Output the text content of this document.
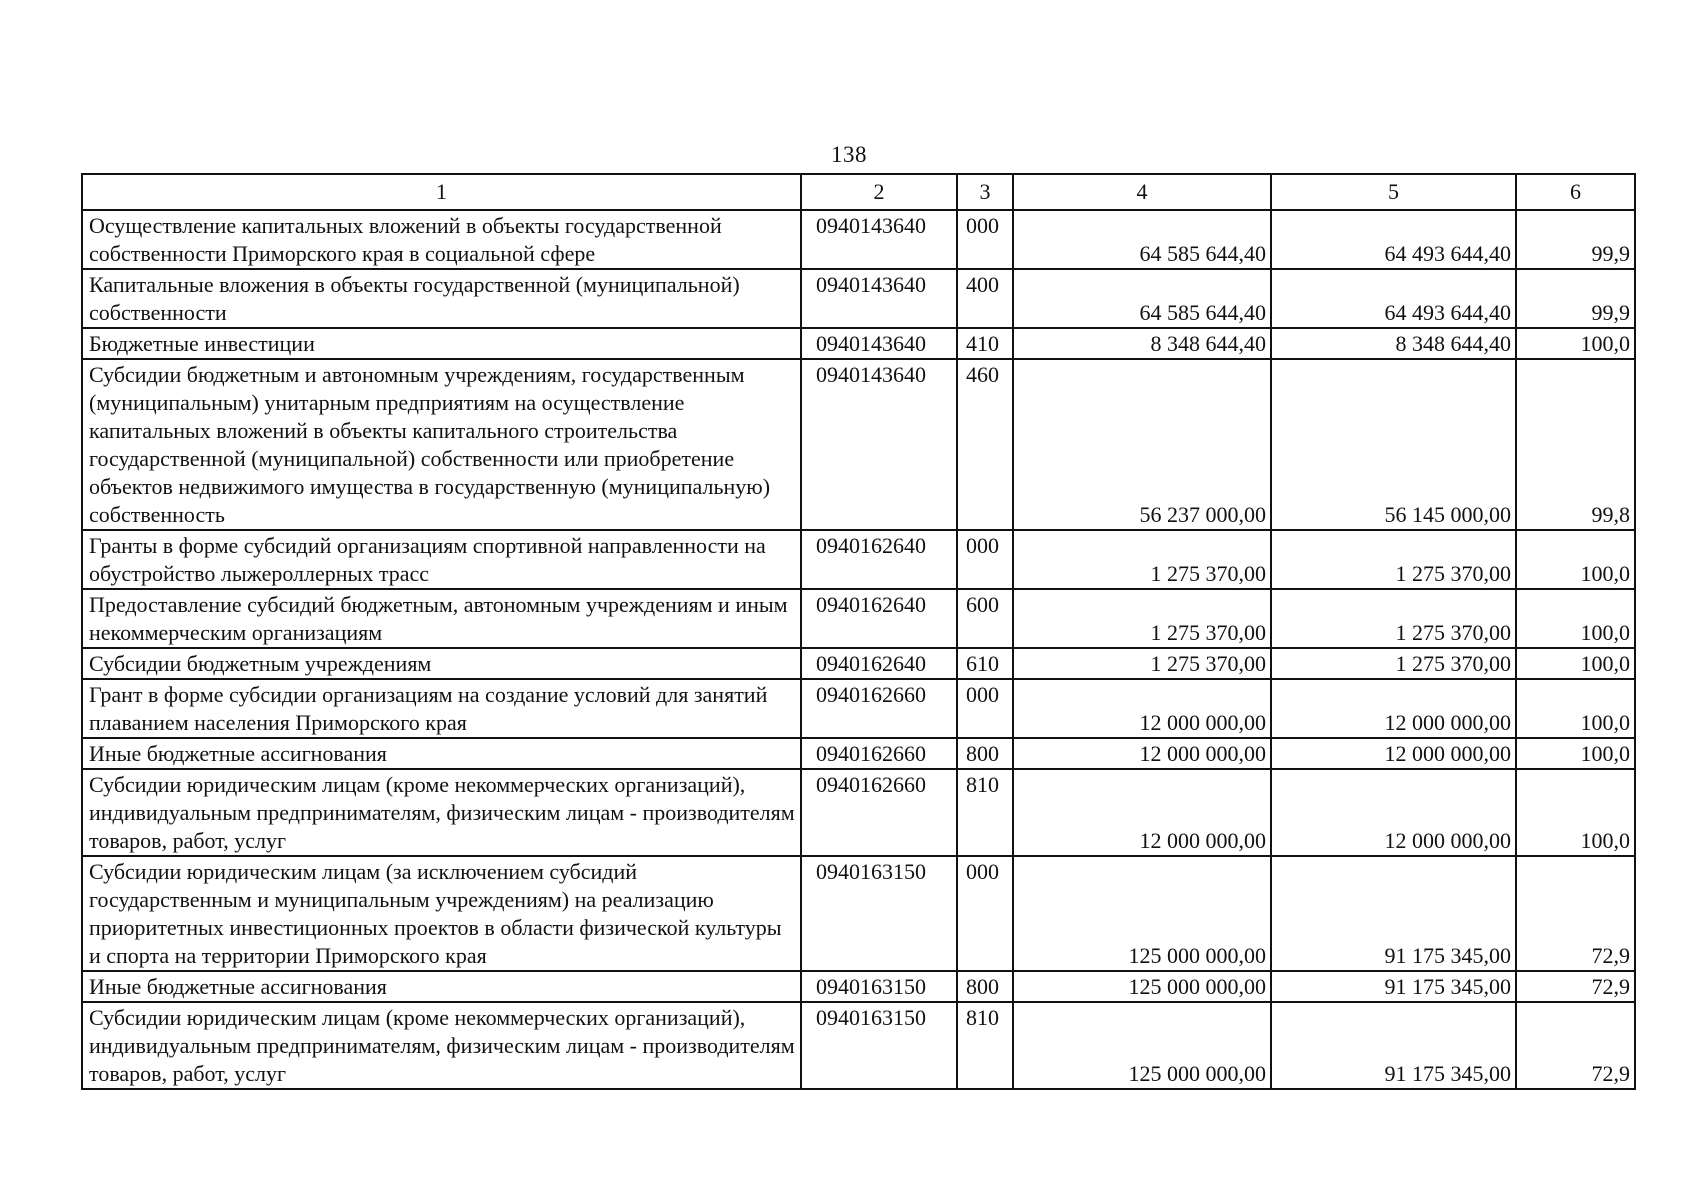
138
1	2	3	4	5	6
Осуществление капитальных вложений в объекты государственной собственности Приморского края в социальной сфере	0940143640	000	64 585 644,40	64 493 644,40	99,9
Капитальные вложения в объекты государственной (муниципальной) собственности	0940143640	400	64 585 644,40	64 493 644,40	99,9
Бюджетные инвестиции	0940143640	410	8 348 644,40	8 348 644,40	100,0
Субсидии бюджетным и автономным учреждениям, государственным (муниципальным) унитарным предприятиям на осуществление капитальных вложений в объекты капитального строительства государственной (муниципальной) собственности или приобретение объектов недвижимого имущества в государственную (муниципальную) собственность	0940143640	460	56 237 000,00	56 145 000,00	99,8
Гранты в форме субсидий организациям спортивной направленности на обустройство лыжероллерных трасс	0940162640	000	1 275 370,00	1 275 370,00	100,0
Предоставление субсидий бюджетным, автономным учреждениям и иным некоммерческим организациям	0940162640	600	1 275 370,00	1 275 370,00	100,0
Субсидии бюджетным учреждениям	0940162640	610	1 275 370,00	1 275 370,00	100,0
Грант в форме субсидии организациям на создание условий для занятий плаванием населения Приморского края	0940162660	000	12 000 000,00	12 000 000,00	100,0
Иные бюджетные ассигнования	0940162660	800	12 000 000,00	12 000 000,00	100,0
Субсидии юридическим лицам (кроме некоммерческих организаций), индивидуальным предпринимателям, физическим лицам - производителям товаров, работ, услуг	0940162660	810	12 000 000,00	12 000 000,00	100,0
Субсидии юридическим лицам (за исключением субсидий государственным и муниципальным учреждениям) на реализацию приоритетных инвестиционных проектов в области физической культуры и спорта на территории Приморского края	0940163150	000	125 000 000,00	91 175 345,00	72,9
Иные бюджетные ассигнования	0940163150	800	125 000 000,00	91 175 345,00	72,9
Субсидии юридическим лицам (кроме некоммерческих организаций), индивидуальным предпринимателям, физическим лицам - производителям товаров, работ, услуг	0940163150	810	125 000 000,00	91 175 345,00	72,9
